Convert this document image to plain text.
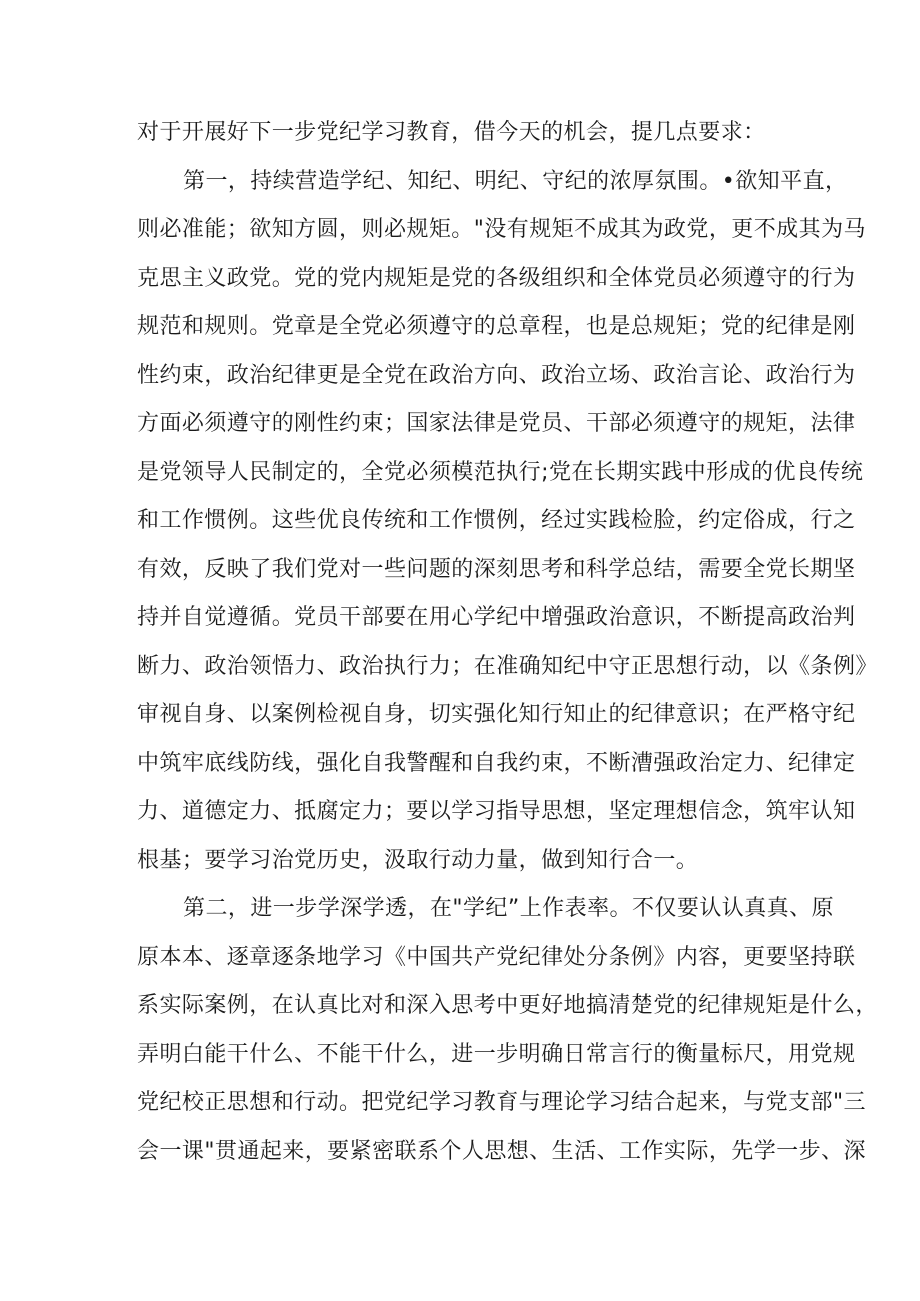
对于开展好下一步党纪学习教育，借今天的机会，提几点要求：

第一，持续营造学纪、知纪、明纪、守纪的浓厚氛围。•欲知平直，

则必准能；欲知方圆，则必规矩。"没有规矩不成其为政党，更不成其为马

克思主义政党。党的党内规矩是党的各级组织和全体党员必须遵守的行为

规范和规则。党章是全党必须遵守的总章程，也是总规矩；党的纪律是刚

性约束，政治纪律更是全党在政治方向、政治立场、政治言论、政治行为

方面必须遵守的刚性约束；国家法律是党员、干部必须遵守的规矩，法律

是党领导人民制定的，全党必须模范执行;党在长期实践中形成的优良传统

和工作惯例。这些优良传统和工作惯例，经过实践检脸，约定俗成，行之

有效，反映了我们党对一些问题的深刻思考和科学总结，需要全党长期坚

持并自觉遵循。党员干部要在用心学纪中增强政治意识，不断提高政治判

断力、政治领悟力、政治执行力；在准确知纪中守正思想行动，以《条例》

审视自身、以案例检视自身，切实强化知行知止的纪律意识；在严格守纪

中筑牢底线防线，强化自我警醒和自我约束，不断漕强政治定力、纪律定

力、道德定力、抵腐定力；要以学习指导思想，坚定理想信念，筑牢认知

根基；要学习治党历史，汲取行动力量，做到知行合一。

第二，进一步学深学透，在"学纪”上作表率。不仅要认认真真、原

原本本、逐章逐条地学习《中国共产党纪律处分条例》内容，更要坚持联

系实际案例，在认真比对和深入思考中更好地搞清楚党的纪律规矩是什么，

弄明白能干什么、不能干什么，进一步明确日常言行的衡量标尺，用党规

党纪校正思想和行动。把党纪学习教育与理论学习结合起来，与党支部"三

会一课"贯通起来，要紧密联系个人思想、生活、工作实际，先学一步、深
